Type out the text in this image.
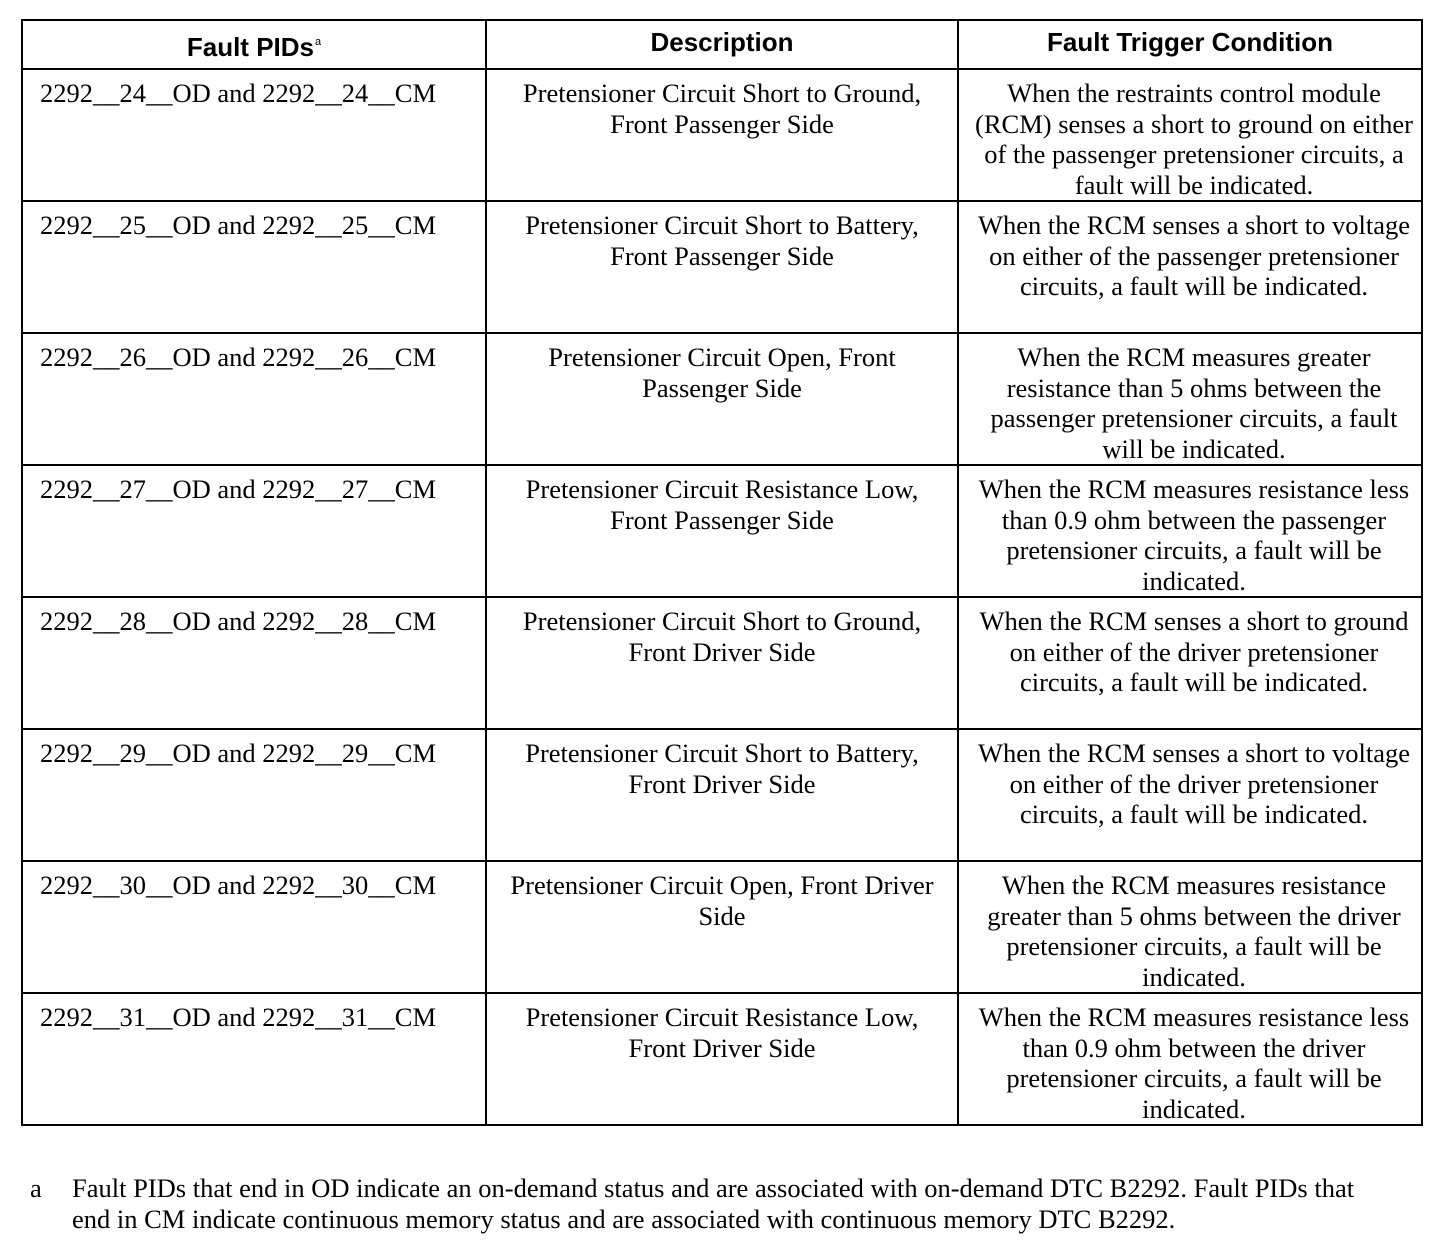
Fault PIDs$^a$	Description	Fault Trigger Condition
2292__24__OD and 2292__24__CM	Pretensioner Circuit Short to Ground, Front Passenger Side	When the restraints control module (RCM) senses a short to ground on either of the passenger pretensioner circuits, a fault will be indicated.
2292__25__OD and 2292__25__CM	Pretensioner Circuit Short to Battery, Front Passenger Side	When the RCM senses a short to voltage on either of the passenger pretensioner circuits, a fault will be indicated.
2292__26__OD and 2292__26__CM	Pretensioner Circuit Open, Front Passenger Side	When the RCM measures greater resistance than 5 ohms between the passenger pretensioner circuits, a fault will be indicated.
2292__27__OD and 2292__27__CM	Pretensioner Circuit Resistance Low, Front Passenger Side	When the RCM measures resistance less than 0.9 ohm between the passenger pretensioner circuits, a fault will be indicated.
2292__28__OD and 2292__28__CM	Pretensioner Circuit Short to Ground, Front Driver Side	When the RCM senses a short to ground on either of the driver pretensioner circuits, a fault will be indicated.
2292__29__OD and 2292__29__CM	Pretensioner Circuit Short to Battery, Front Driver Side	When the RCM senses a short to voltage on either of the driver pretensioner circuits, a fault will be indicated.
2292__30__OD and 2292__30__CM	Pretensioner Circuit Open, Front Driver Side	When the RCM measures resistance greater than 5 ohms between the driver pretensioner circuits, a fault will be indicated.
2292__31__OD and 2292__31__CM	Pretensioner Circuit Resistance Low, Front Driver Side	When the RCM measures resistance less than 0.9 ohm between the driver pretensioner circuits, a fault will be indicated.
a Fault PIDs that end in OD indicate an on-demand status and are associated with on-demand DTC B2292. Fault PIDs that end in CM indicate continuous memory status and are associated with continuous memory DTC B2292.
